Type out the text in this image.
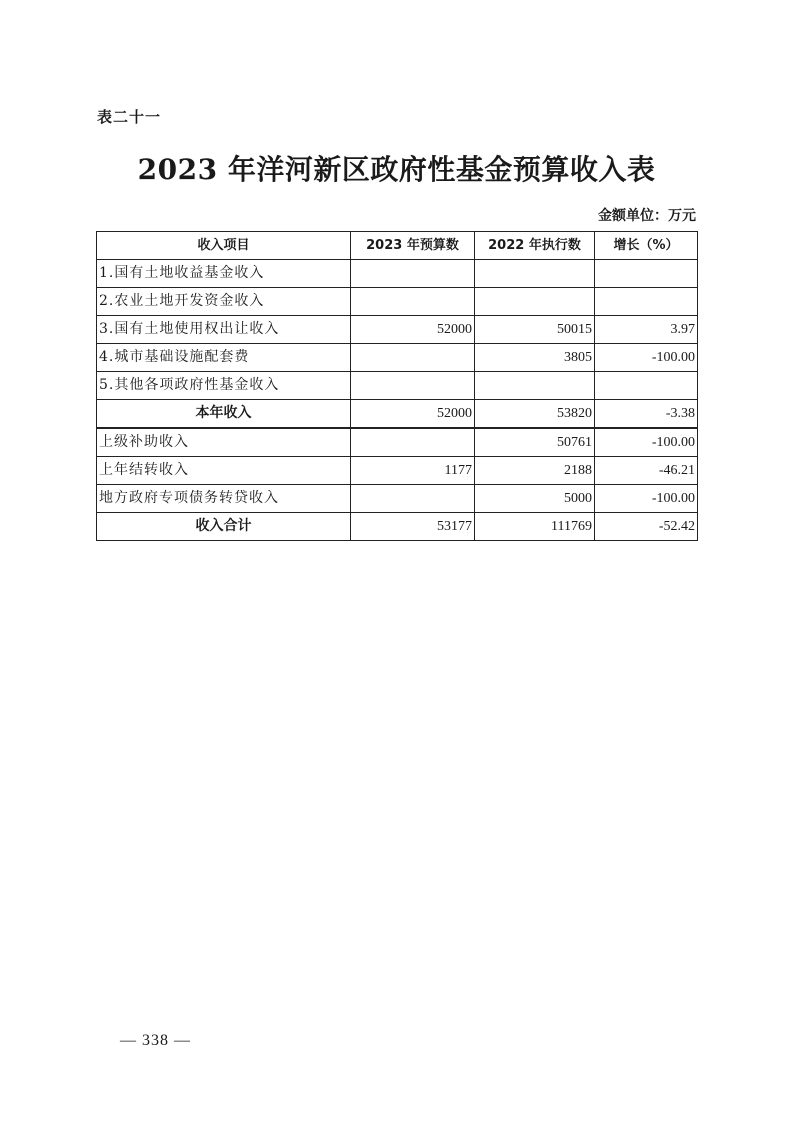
表二十一
2023 年洋河新区政府性基金预算收入表
金额单位：万元
收入项目	2023 年预算数	2022 年执行数	增长（%）
1.国有土地收益基金收入			
2.农业土地开发资金收入			
3.国有土地使用权出让收入	52000	50015	3.97
4.城市基础设施配套费		3805	-100.00
5.其他各项政府性基金收入			
本年收入	52000	53820	-3.38
上级补助收入		50761	-100.00
上年结转收入	1177	2188	-46.21
地方政府专项债务转贷收入		5000	-100.00
收入合计	53177	111769	-52.42
— 338 —
